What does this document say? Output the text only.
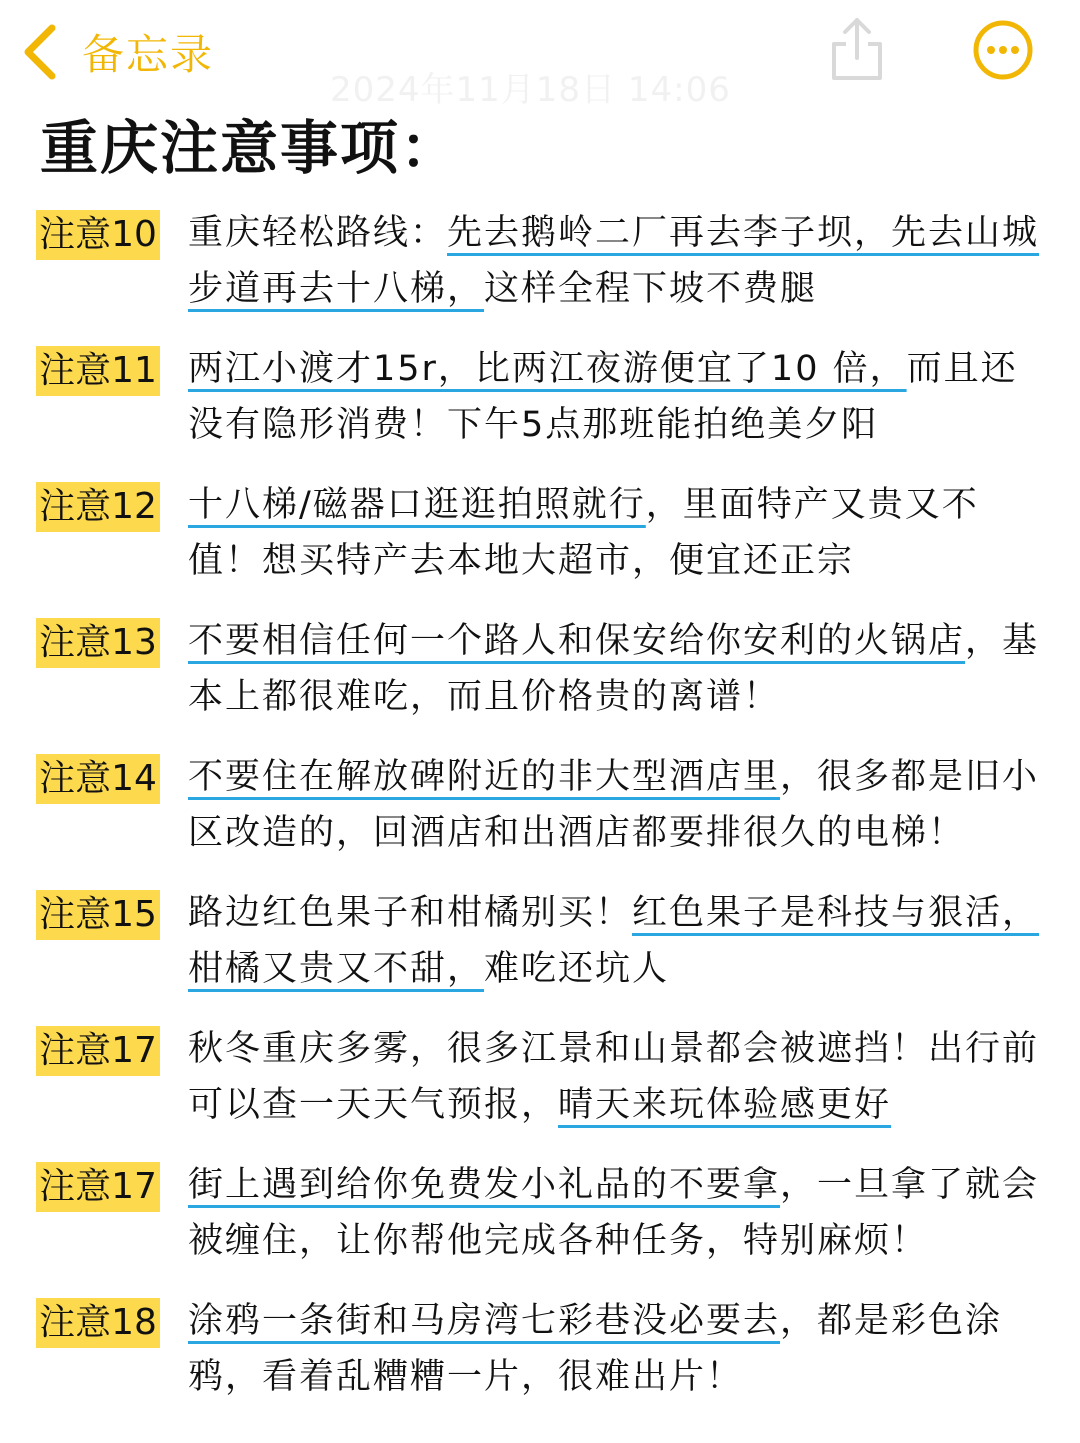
备忘录
2024年11月18日 14:06
重庆注意事项：
注意10 重庆轻松路线：先去鹅岭二厂再去李子坝，先去山城步道再去十八梯，这样全程下坡不费腿
注意11 两江小渡才15r，比两江夜游便宜了10 倍，而且还没有隐形消费！下午5点那班能拍绝美夕阳
注意12 十八梯/磁器口逛逛拍照就行，里面特产又贵又不值！想买特产去本地大超市，便宜还正宗
注意13 不要相信任何一个路人和保安给你安利的火锅店，基本上都很难吃，而且价格贵的离谱！
注意14 不要住在解放碑附近的非大型酒店里，很多都是旧小区改造的，回酒店和出酒店都要排很久的电梯！
注意15 路边红色果子和柑橘别买！红色果子是科技与狠活，柑橘又贵又不甜，难吃还坑人
注意17 秋冬重庆多雾，很多江景和山景都会被遮挡！出行前可以查一天天气预报，晴天来玩体验感更好
注意17 街上遇到给你免费发小礼品的不要拿，一旦拿了就会被缠住，让你帮他完成各种任务，特别麻烦！
注意18 涂鸦一条街和马房湾七彩巷没必要去，都是彩色涂鸦，看着乱糟糟一片，很难出片！
